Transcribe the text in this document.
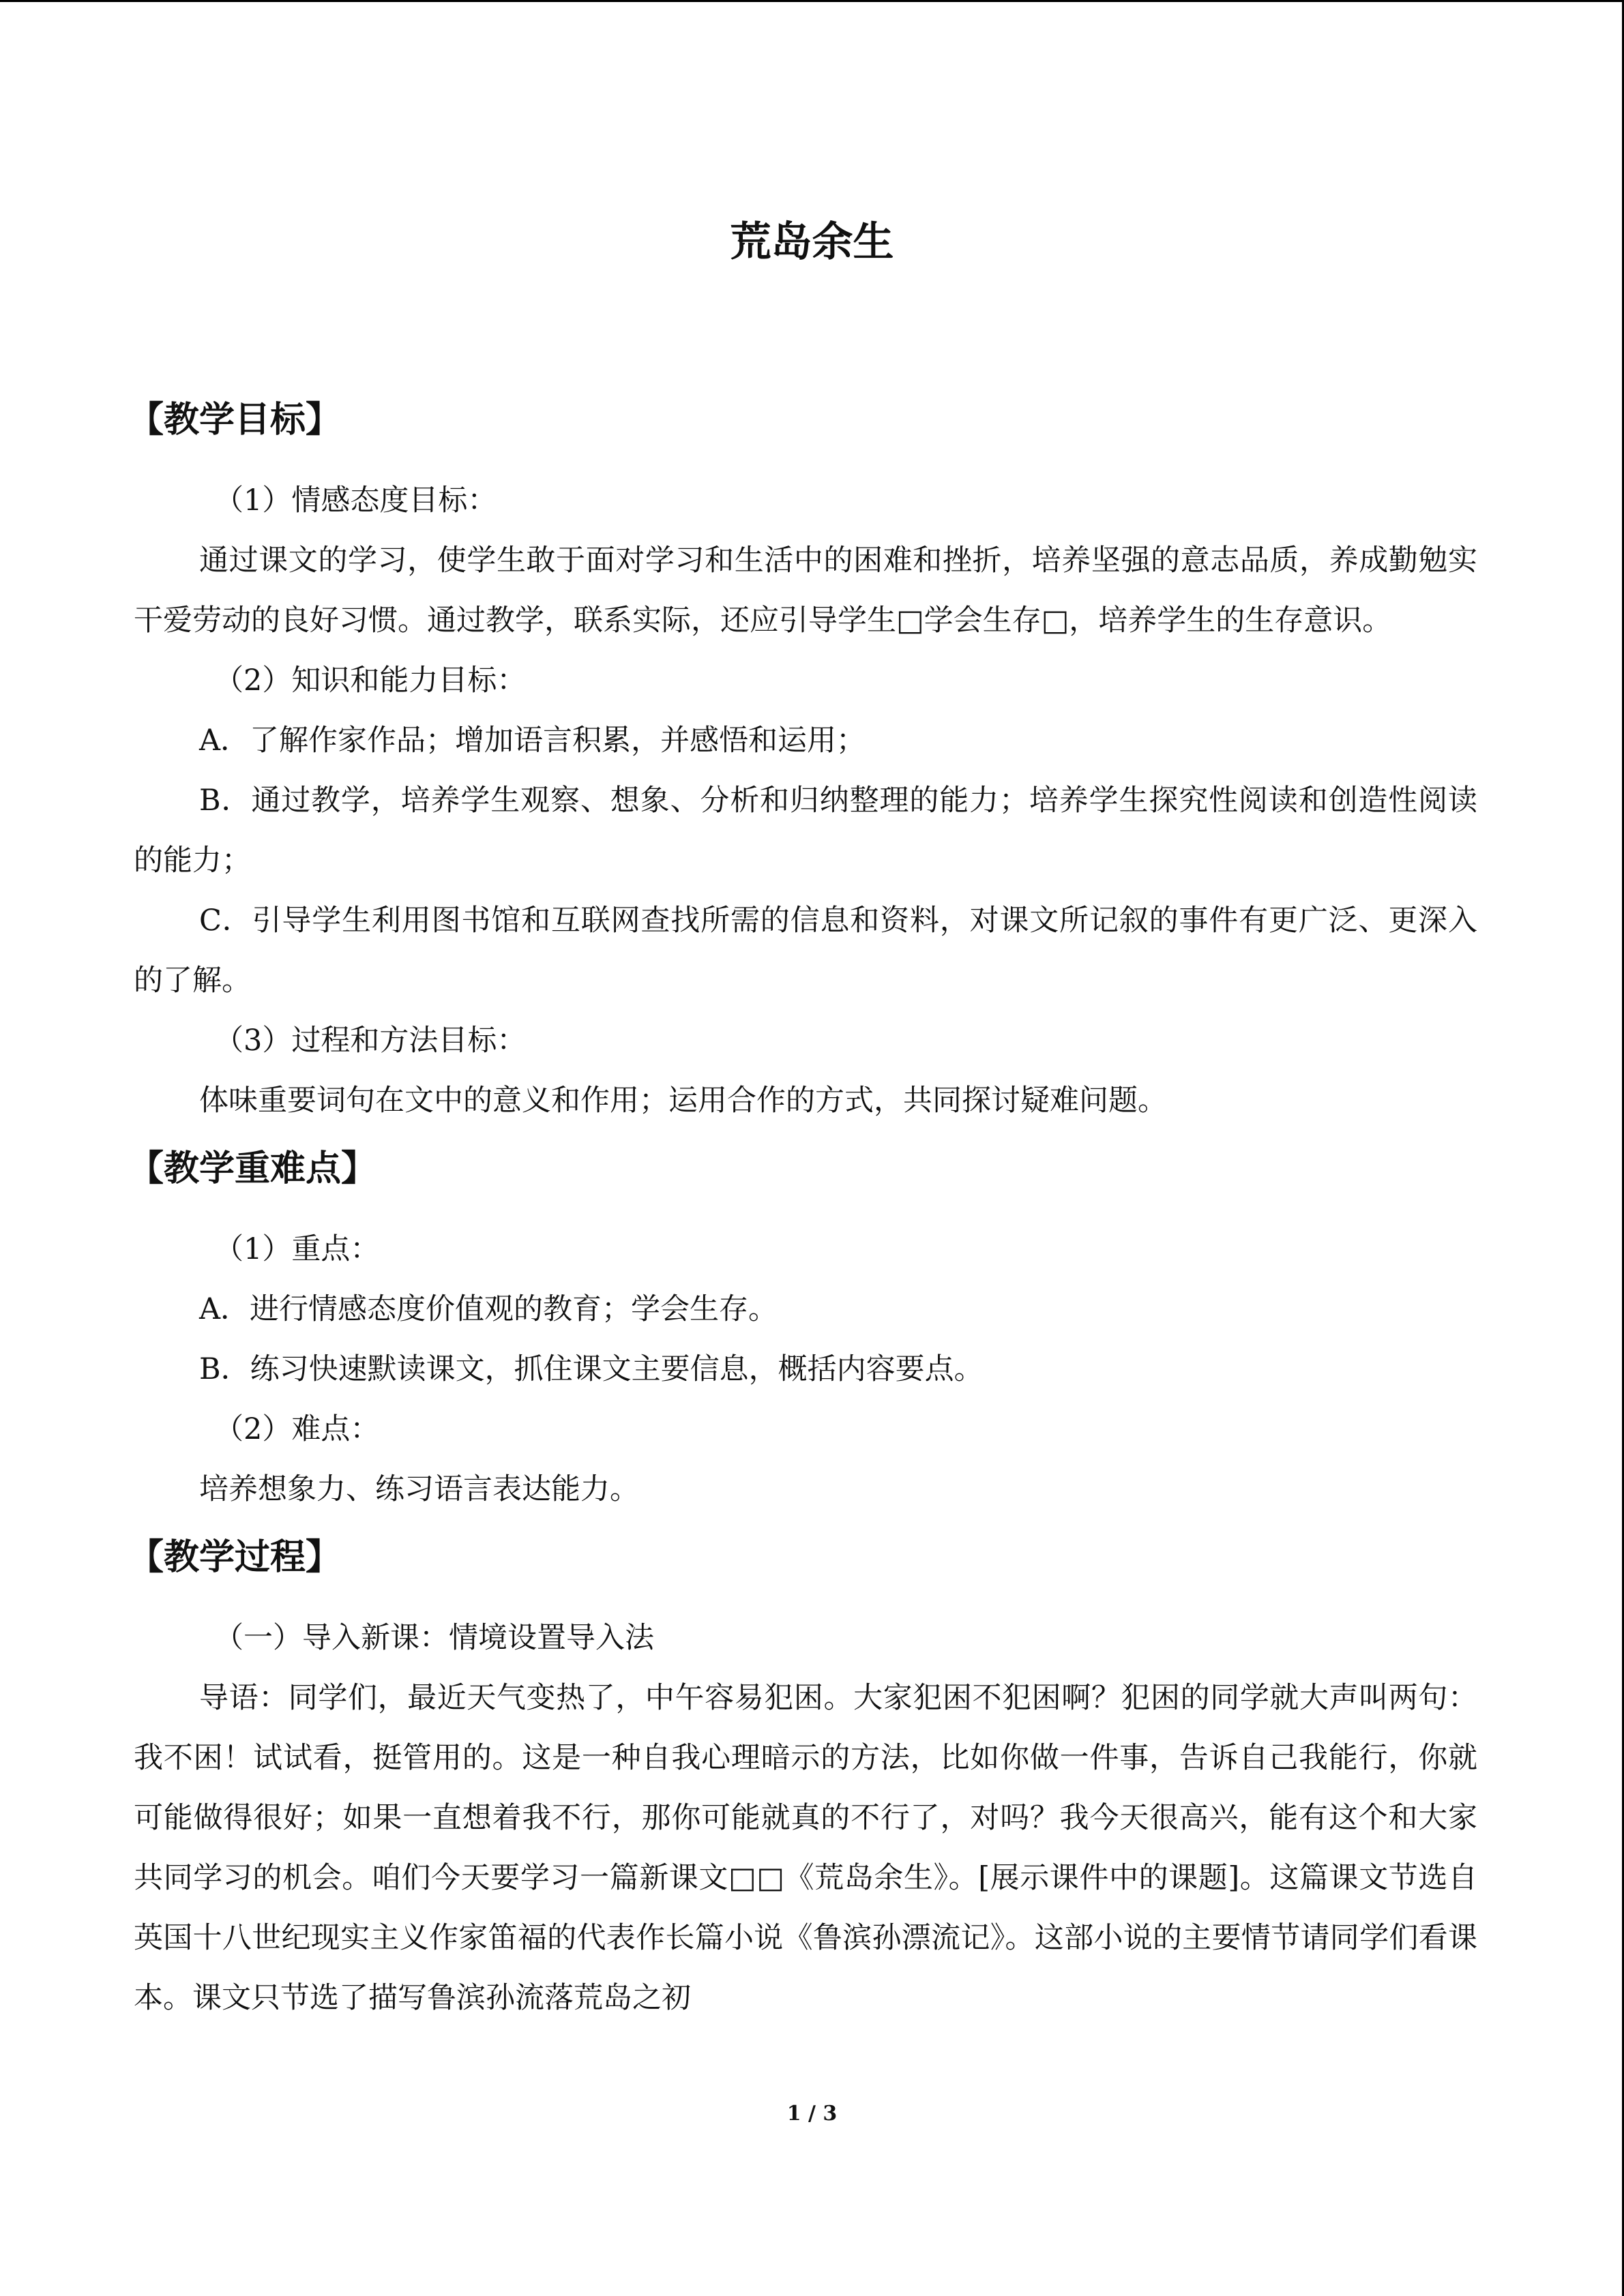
荒岛余生
【教学目标】

（1）情感态度目标：

通过课文的学习，使学生敢于面对学习和生活中的困难和挫折，培养坚强的意志品质，养成勤勉实干爱劳动的良好习惯。通过教学，联系实际，还应引导学生□学会生存□，培养学生的生存意识。

（2）知识和能力目标：

A．了解作家作品；增加语言积累，并感悟和运用；

B．通过教学，培养学生观察、想象、分析和归纳整理的能力；培养学生探究性阅读和创造性阅读的能力；

C．引导学生利用图书馆和互联网查找所需的信息和资料，对课文所记叙的事件有更广泛、更深入的了解。

（3）过程和方法目标：

体味重要词句在文中的意义和作用；运用合作的方式，共同探讨疑难问题。

【教学重难点】

（1）重点：

A．进行情感态度价值观的教育；学会生存。

B．练习快速默读课文，抓住课文主要信息，概括内容要点。

（2）难点：

培养想象力、练习语言表达能力。

【教学过程】

（一）导入新课：情境设置导入法

导语：同学们，最近天气变热了，中午容易犯困。大家犯困不犯困啊？犯困的同学就大声叫两句：我不困！试试看，挺管用的。这是一种自我心理暗示的方法，比如你做一件事，告诉自己我能行，你就可能做得很好；如果一直想着我不行，那你可能就真的不行了，对吗？我今天很高兴，能有这个和大家共同学习的机会。咱们今天要学习一篇新课文□□《荒岛余生》。[展示课件中的课题]。这篇课文节选自英国十八世纪现实主义作家笛福的代表作长篇小说《鲁滨孙漂流记》。这部小说的主要情节请同学们看课本。课文只节选了描写鲁滨孙流落荒岛之初

1 / 3
